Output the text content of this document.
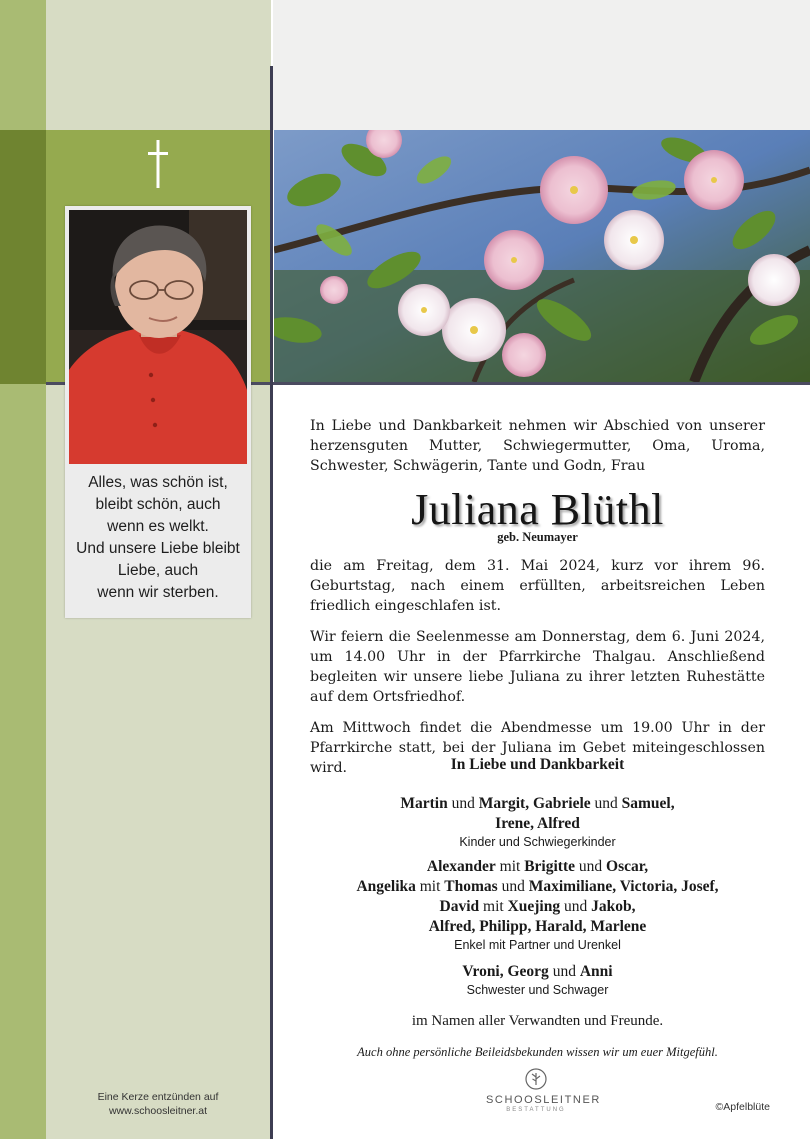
Alles, was schön ist,
bleibt schön, auch
wenn es welkt.
Und unsere Liebe bleibt
Liebe, auch
wenn wir sterben.

In Liebe und Dankbarkeit nehmen wir Abschied von unserer herzensguten Mutter, Schwiegermutter, Oma, Uroma, Schwester, Schwägerin, Tante und Godn, Frau

Juliana Blüthl
geb. Neumayer

die am Freitag, dem 31. Mai 2024, kurz vor ihrem 96. Geburtstag, nach einem erfüllten, arbeitsreichen Leben friedlich eingeschlafen ist.

Wir feiern die Seelenmesse am Donnerstag, dem 6. Juni 2024, um 14.00 Uhr in der Pfarrkirche Thalgau. Anschließend begleiten wir unsere liebe Juliana zu ihrer letzten Ruhestätte auf dem Ortsfriedhof.

Am Mittwoch findet die Abendmesse um 19.00 Uhr in der Pfarrkirche statt, bei der Juliana im Gebet miteingeschlossen wird.	In Liebe und Dankbarkeit
Martin und Margit, Gabriele und Samuel,
Irene, Alfred
Kinder und Schwiegerkinder
Alexander mit Brigitte und Oscar,
Angelika mit Thomas und Maximiliane, Victoria, Josef,
David mit Xuejing und Jakob,
Alfred, Philipp, Harald, Marlene
Enkel mit Partner und Urenkel
Vroni, Georg und Anni
Schwester und Schwager
im Namen aller Verwandten und Freunde.
Auch ohne persönliche Beileidsbekunden wissen wir um euer Mitgefühl.
Eine Kerze entzünden auf
www.schoosleitner.at
SCHOOSLEITNER
BESTATTUNG	©Apfelblüte
